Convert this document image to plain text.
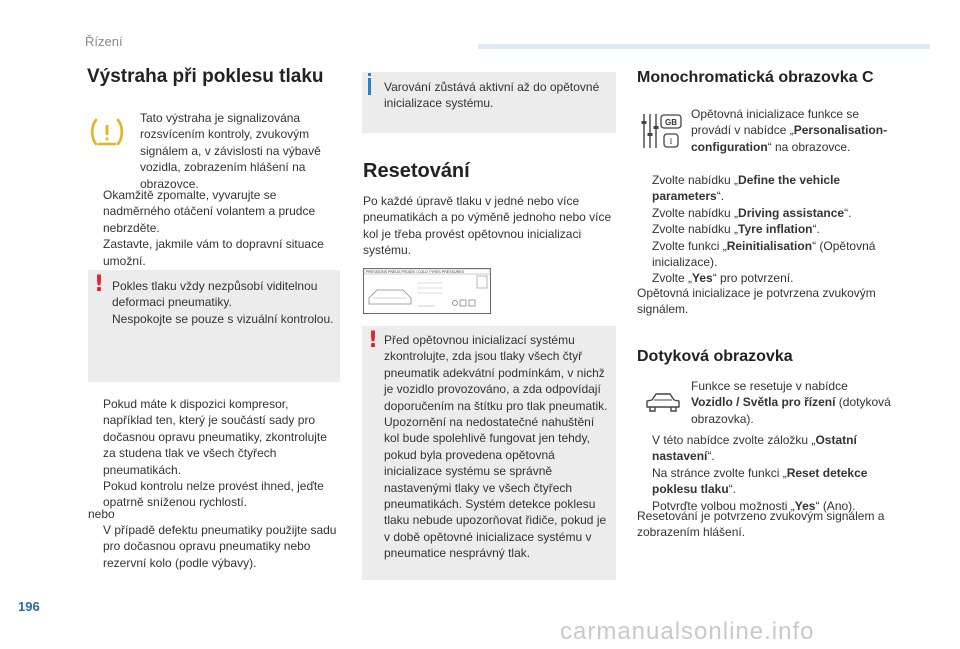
Řízení
Výstraha při poklesu tlaku
Tato výstraha je signalizována rozsvícením kontroly, zvukovým signálem a, v závislosti na výbavě vozidla, zobrazením hlášení na obrazovce.
Okamžitě zpomalte, vyvarujte se nadměrného otáčení volantem a prudce nebrzděte.
Zastavte, jakmile vám to dopravní situace umožní.
! Pokles tlaku vždy nezpůsobí viditelnou deformaci pneumatiky.
Nespokojte se pouze s vizuální kontrolou.
Pokud máte k dispozici kompresor, například ten, který je součástí sady pro dočasnou opravu pneumatiky, zkontrolujte za studena tlak ve všech čtyřech pneumatikách.
Pokud kontrolu nelze provést ihned, jeďte opatrně sníženou rychlostí.
nebo
V případě defektu pneumatiky použijte sadu pro dočasnou opravu pneumatiky nebo rezervní kolo (podle výbavy).
Varování zůstává aktivní až do opětovné inicializace systému.
Resetování
Po každé úpravě tlaku v jedné nebo více pneumatikách a po výměně jednoho nebo více kol je třeba provést opětovnou inicializaci systému.
PRESSIONS PNEUS FROIDS / COLD TYRES PRESSURES
! Před opětovnou inicializací systému zkontrolujte, zda jsou tlaky všech čtyř pneumatik adekvátní podmínkám, v nichž je vozidlo provozováno, a zda odpovídají doporučením na štítku pro tlak pneumatik. Upozornění na nedostatečné nahuštění kol bude spolehlivě fungovat jen tehdy, pokud byla provedena opětovná inicializace systému se správně nastavenými tlaky ve všech čtyřech pneumatikách. Systém detekce poklesu tlaku nebude upozorňovat řidiče, pokud je v době opětovné inicializace systému v pneumatice nesprávný tlak.
Monochromatická obrazovka C
GB
I
Opětovná inicializace funkce se provádí v nabídce „Personalisation-configuration“ na obrazovce.
Zvolte nabídku „Define the vehicle parameters“.
Zvolte nabídku „Driving assistance“.
Zvolte nabídku „Tyre inflation“.
Zvolte funkci „Reinitialisation“ (Opětovná inicializace).
Zvolte „Yes“ pro potvrzení.
Opětovná inicializace je potvrzena zvukovým signálem.
Dotyková obrazovka
Funkce se resetuje v nabídce Vozidlo / Světla pro řízení (dotyková obrazovka).
V této nabídce zvolte záložku „Ostatní nastavení“.
Na stránce zvolte funkci „Reset detekce poklesu tlaku“.
Potvrďte volbou možnosti „Yes“ (Ano).
Resetování je potvrzeno zvukovým signálem a zobrazením hlášení.
196
carmanualsonline.info
